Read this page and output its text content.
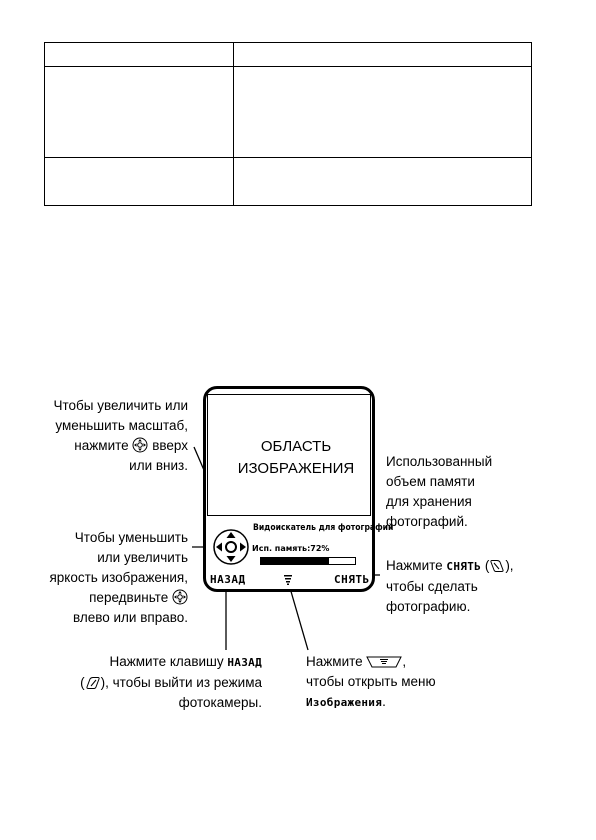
ОБЛАСТЬ
ИЗОБРАЖЕНИЯ
Видоискатель для фотографий
Исп. память:72%
НАЗАД	СНЯТЬ
Чтобы увеличить или
уменьшить масштаб,
нажмите вверх
или вниз.
Чтобы уменьшить
или увеличить
яркость изображения,
передвиньте
влево или вправо.
Нажмите клавишу НАЗАД
( ), чтобы выйти из режима
фотокамеры.
Нажмите	,
чтобы открыть меню
Изображения.
Использованный
объем памяти
для хранения
фотографий.
Нажмите СНЯТЬ ( ),
чтобы сделать
фотографию.
